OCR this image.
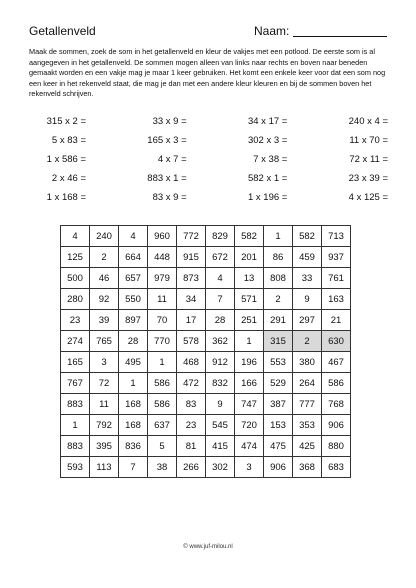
Getallenveld	Naam:
Maak de sommen, zoek de som in het getallenveld en kleur de vakjes met een potlood. De eerste som is al aangegeven in het getallenveld. De sommen mogen alleen van links naar rechts en boven naar beneden gemaakt worden en een vakje mag je maar 1 keer gebruiken. Het komt een enkele keer voor dat een som nog een keer in het rekenveld staat, die mag je dan met een andere kleur kleuren en bij de sommen boven het rekenveld schrijven.
315 x 2 =	33 x 9 =	34 x 17 =	240 x 4 =
5 x 83 =	165 x 3 =	302 x 3 =	11 x 70 =
1 x 586 =	4 x 7 =	7 x 38 =	72 x 11 =
2 x 46 =	883 x 1 =	582 x 1 =	23 x 39 =
1 x 168 =	83 x 9 =	1 x 196 =	4 x 125 =
4	240	4	960	772	829	582	1	582	713
125	2	664	448	915	672	201	86	459	937
500	46	657	979	873	4	13	808	33	761
280	92	550	11	34	7	571	2	9	163
23	39	897	70	17	28	251	291	297	21
274	765	28	770	578	362	1	315	2	630
165	3	495	1	468	912	196	553	380	467
767	72	1	586	472	832	166	529	264	586
883	11	168	586	83	9	747	387	777	768
1	792	168	637	23	545	720	153	353	906
883	395	836	5	81	415	474	475	425	880
593	113	7	38	266	302	3	906	368	683
© www.juf-milou.nl
